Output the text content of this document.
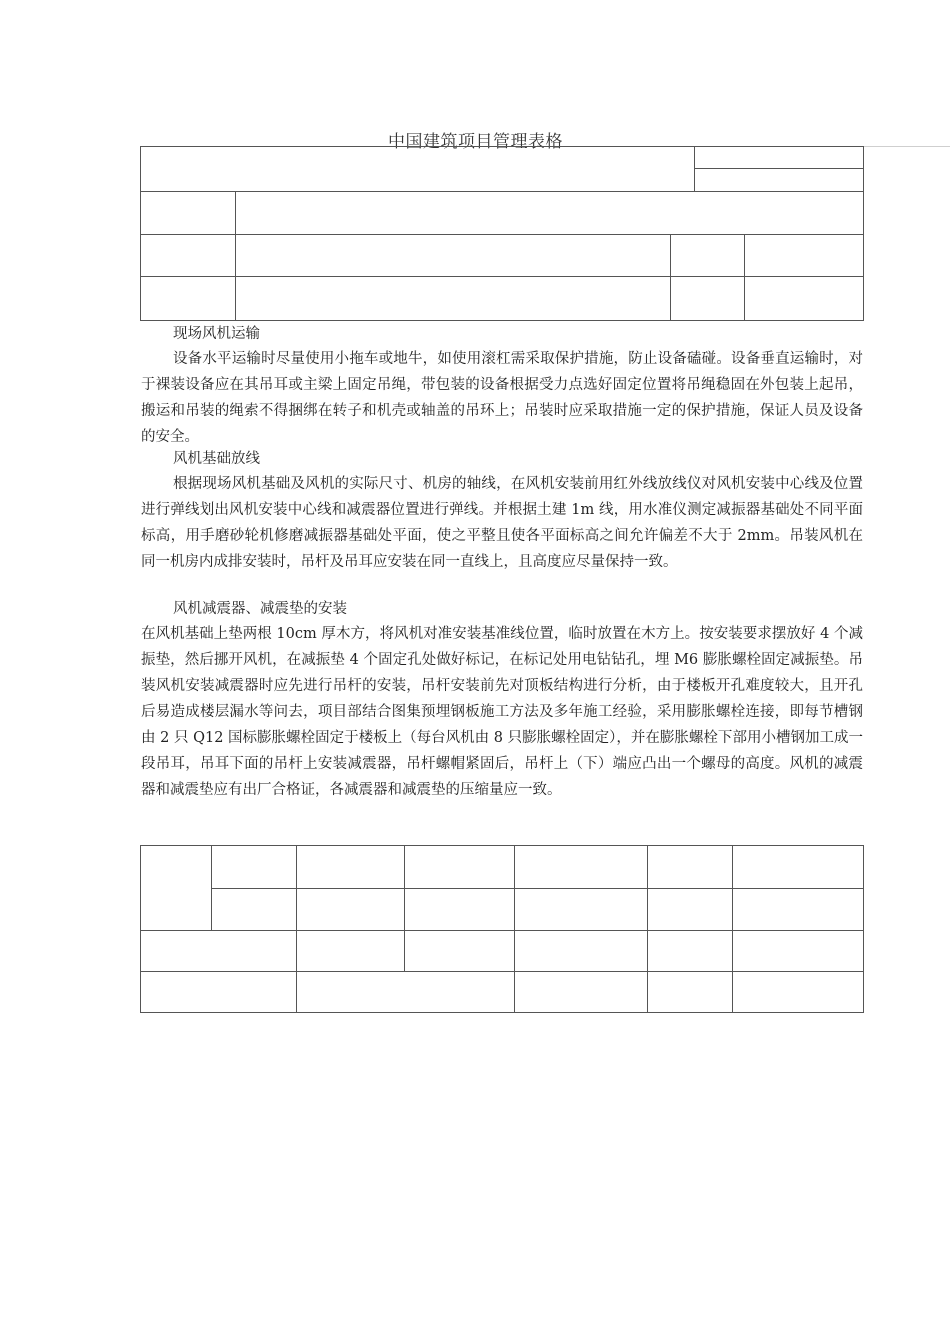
中国建筑项目管理表格
现场风机运输
设备水平运输时尽量使用小拖车或地牛，如使用滚杠需采取保护措施，防止设备磕碰。设备垂直运输时，对于裸装设备应在其吊耳或主梁上固定吊绳，带包装的设备根据受力点选好固定位置将吊绳稳固在外包装上起吊，搬运和吊装的绳索不得捆绑在转子和机壳或轴盖的吊环上；吊装时应采取措施一定的保护措施，保证人员及设备的安全。
风机基础放线
根据现场风机基础及风机的实际尺寸、机房的轴线，在风机安装前用红外线放线仪对风机安装中心线及位置进行弹线划出风机安装中心线和减震器位置进行弹线。并根据土建 1m 线，用水准仪测定减振器基础处不同平面标高，用手磨砂轮机修磨减振器基础处平面，使之平整且使各平面标高之间允许偏差不大于 2mm。吊装风机在同一机房内成排安装时，吊杆及吊耳应安装在同一直线上，且高度应尽量保持一致。
风机减震器、减震垫的安装
在风机基础上垫两根 10cm 厚木方，将风机对准安装基准线位置，临时放置在木方上。按安装要求摆放好 4 个减振垫，然后挪开风机，在减振垫 4 个固定孔处做好标记，在标记处用电钻钻孔，埋 M6 膨胀螺栓固定减振垫。吊装风机安装减震器时应先进行吊杆的安装，吊杆安装前先对顶板结构进行分析，由于楼板开孔难度较大，且开孔后易造成楼层漏水等问去，项目部结合图集预埋钢板施工方法及多年施工经验，采用膨胀螺栓连接，即每节槽钢由 2 只 Q12 国标膨胀螺栓固定于楼板上（每台风机由 8 只膨胀螺栓固定），并在膨胀螺栓下部用小槽钢加工成一段吊耳，吊耳下面的吊杆上安装减震器，吊杆螺帽紧固后，吊杆上（下）端应凸出一个螺母的高度。风机的减震器和减震垫应有出厂合格证，各减震器和减震垫的压缩量应一致。
